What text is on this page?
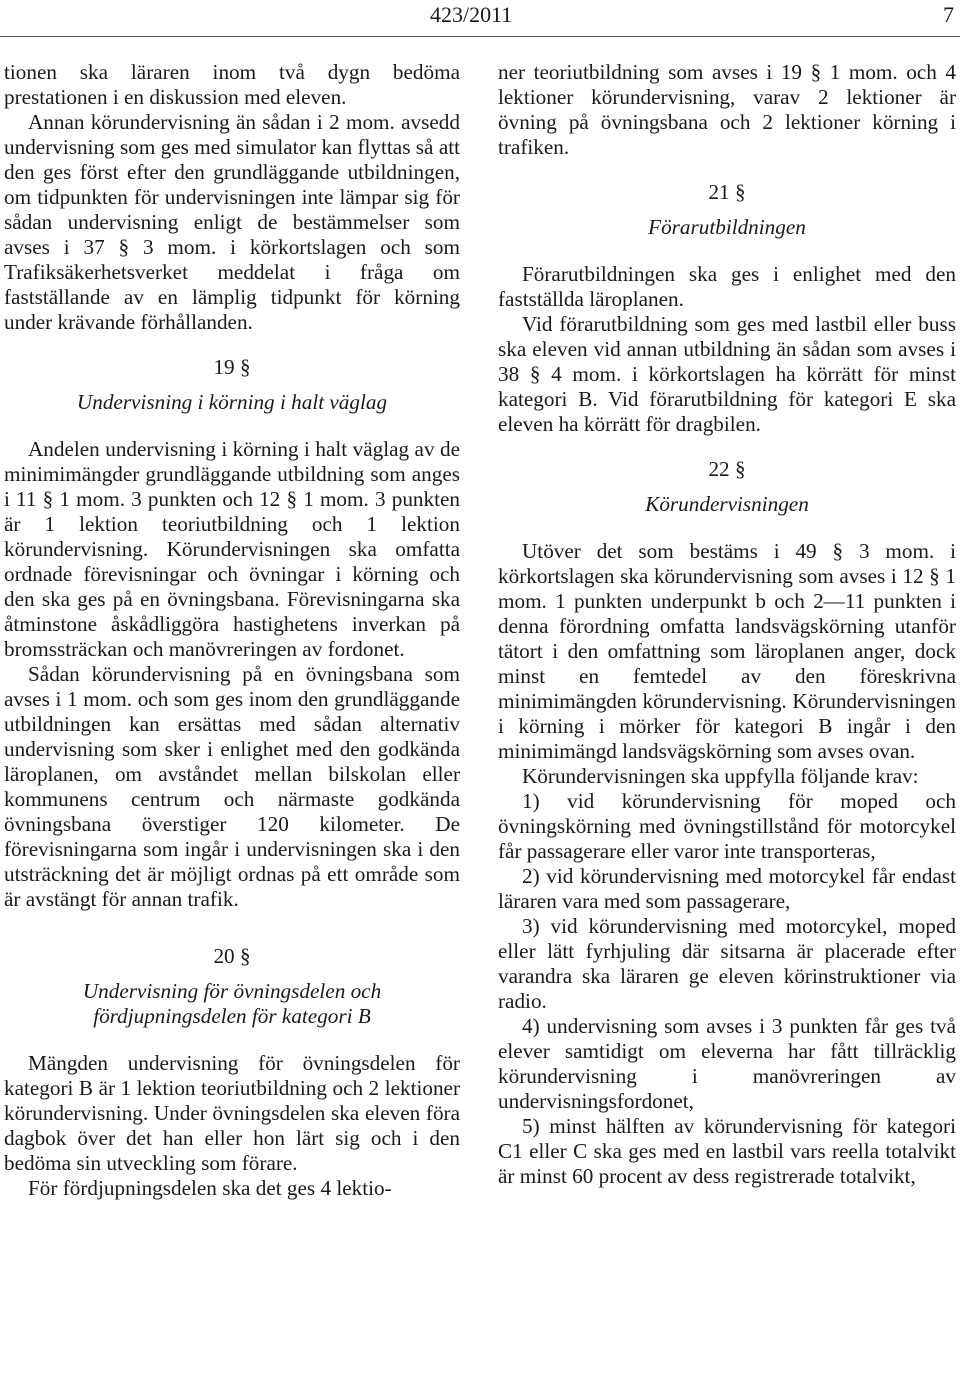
423/2011	7

tionen ska läraren inom två dygn bedöma prestationen i en diskussion med eleven.

Annan körundervisning än sådan i 2 mom. avsedd undervisning som ges med simulator kan flyttas så att den ges först efter den grundläggande utbildningen, om tidpunkten för undervisningen inte lämpar sig för sådan undervisning enligt de bestämmelser som avses i 37 § 3 mom. i körkortslagen och som Trafiksäkerhetsverket meddelat i fråga om fastställande av en lämplig tidpunkt för körning under krävande förhållanden.

19 §
Undervisning i körning i halt väglag

Andelen undervisning i körning i halt väglag av de minimimängder grundläggande utbildning som anges i 11 § 1 mom. 3 punkten och 12 § 1 mom. 3 punkten är 1 lektion teoriutbildning och 1 lektion körundervisning. Körundervisningen ska omfatta ordnade förevisningar och övningar i körning och den ska ges på en övningsbana. Förevisningarna ska åtminstone åskådliggöra hastighetens inverkan på bromssträckan och manövreringen av fordonet.

Sådan körundervisning på en övningsbana som avses i 1 mom. och som ges inom den grundläggande utbildningen kan ersättas med sådan alternativ undervisning som sker i enlighet med den godkända läroplanen, om avståndet mellan bilskolan eller kommunens centrum och närmaste godkända övningsbana överstiger 120 kilometer. De förevisningarna som ingår i undervisningen ska i den utsträckning det är möjligt ordnas på ett område som är avstängt för annan trafik.

20 §
Undervisning för övningsdelen och fördjupningsdelen för kategori B

Mängden undervisning för övningsdelen för kategori B är 1 lektion teoriutbildning och 2 lektioner körundervisning. Under övningsdelen ska eleven föra dagbok över det han eller hon lärt sig och i den bedöma sin utveckling som förare.

För fördjupningsdelen ska det ges 4 lektio-

ner teoriutbildning som avses i 19 § 1 mom. och 4 lektioner körundervisning, varav 2 lektioner är övning på övningsbana och 2 lektioner körning i trafiken.

21 §
Förarutbildningen

Förarutbildningen ska ges i enlighet med den fastställda läroplanen.

Vid förarutbildning som ges med lastbil eller buss ska eleven vid annan utbildning än sådan som avses i 38 § 4 mom. i körkortslagen ha körrätt för minst kategori B. Vid förarutbildning för kategori E ska eleven ha körrätt för dragbilen.

22 §
Körundervisningen

Utöver det som bestäms i 49 § 3 mom. i körkortslagen ska körundervisning som avses i 12 § 1 mom. 1 punkten underpunkt b och 2—11 punkten i denna förordning omfatta landsvägskörning utanför tätort i den omfattning som läroplanen anger, dock minst en femtedel av den föreskrivna minimimängden körundervisning. Körundervisningen i körning i mörker för kategori B ingår i den minimimängd landsvägskörning som avses ovan.

Körundervisningen ska uppfylla följande krav:

1) vid körundervisning för moped och övningskörning med övningstillstånd för motorcykel får passagerare eller varor inte transporteras,

2) vid körundervisning med motorcykel får endast läraren vara med som passagerare,

3) vid körundervisning med motorcykel, moped eller lätt fyrhjuling där sitsarna är placerade efter varandra ska läraren ge eleven körinstruktioner via radio.

4) undervisning som avses i 3 punkten får ges två elever samtidigt om eleverna har fått tillräcklig körundervisning i manövreringen av undervisningsfordonet,

5) minst hälften av körundervisning för kategori C1 eller C ska ges med en lastbil vars reella totalvikt är minst 60 procent av dess registrerade totalvikt,
